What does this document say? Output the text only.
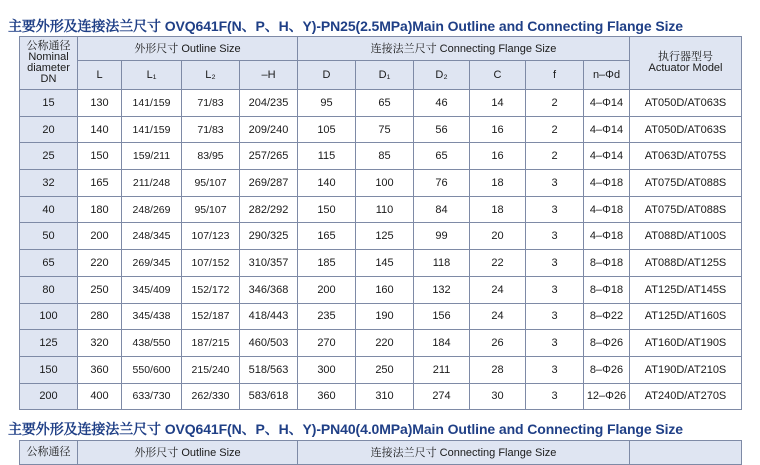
主要外形及连接法兰尺寸 OVQ641F(N、P、H、Y)-PN25(2.5MPa)Main Outline and Connecting Flange Size
公称通径
Nominal
diameter
DN	外形尺寸 Outline Size				连接法兰尺寸 Connecting Flange Size						执行器型号
Actuator Model
	L	L₁	L₂	–H	D	D₁	D₂	C	f	n–Φd	
15	130	141/159	71/83	204/235	95	65	46	14	2	4–Φ14	AT050D/AT063S
20	140	141/159	71/83	209/240	105	75	56	16	2	4–Φ14	AT050D/AT063S
25	150	159/211	83/95	257/265	115	85	65	16	2	4–Φ14	AT063D/AT075S
32	165	211/248	95/107	269/287	140	100	76	18	3	4–Φ18	AT075D/AT088S
40	180	248/269	95/107	282/292	150	110	84	18	3	4–Φ18	AT075D/AT088S
50	200	248/345	107/123	290/325	165	125	99	20	3	4–Φ18	AT088D/AT100S
65	220	269/345	107/152	310/357	185	145	118	22	3	8–Φ18	AT088D/AT125S
80	250	345/409	152/172	346/368	200	160	132	24	3	8–Φ18	AT125D/AT145S
100	280	345/438	152/187	418/443	235	190	156	24	3	8–Φ22	AT125D/AT160S
125	320	438/550	187/215	460/503	270	220	184	26	3	8–Φ26	AT160D/AT190S
150	360	550/600	215/240	518/563	300	250	211	28	3	8–Φ26	AT190D/AT210S
200	400	633/730	262/330	583/618	360	310	274	30	3	12–Φ26	AT240D/AT270S
主要外形及连接法兰尺寸 OVQ641F(N、P、H、Y)-PN40(4.0MPa)Main Outline and Connecting Flange Size
公称通径	外形尺寸 Outline Size	连接法兰尺寸 Connecting Flange Size	
